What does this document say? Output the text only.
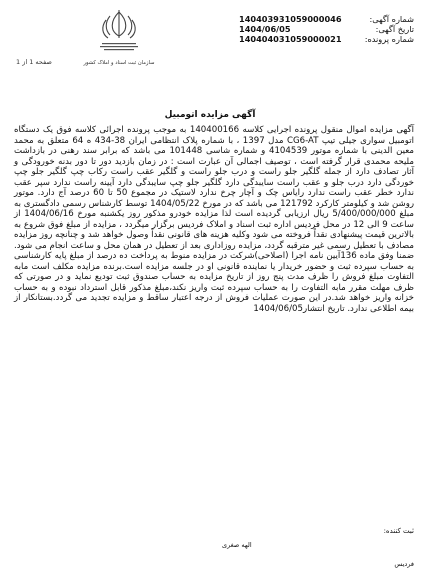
شماره آگهی:
140403931059000046
تاریخ آگهی:
1404/06/05
شماره پرونده:
140404031059000021
سازمان ثبت اسناد و املاک کشور
صفحه 1 از 1
آگهی مزایده اتومبیل

آگهی مزایده اموال منقول پرونده اجرایی کلاسه 140400166 به موجب پرونده اجرائی کلاسه فوق یک دستگاه اتومبیل سواری جیلی تیپ CG6-AT مدل 1397 ، با شماره پلاک انتظامی ایران 38-434 ه 64 متعلق به محمد معین الدینی با شماره موتور 4104539 و شماره شاسی 101448 می باشد که برابر سند رهنی در بازداشت ملیحه محمدی قرار گرفته است ، توصیف اجمالی آن عبارت است : در زمان بازدید دور تا دور بدنه خورودگی و آثار تصادف دارد از جمله گلگیر جلو راست و درب جلو راست و گلگیر عقب راست رکاب چپ گلگیر جلو چپ خوردگی دارد درب جلو و عقب راست سایبدگی دارد گلگیر جلو چپ سایبدگی دارد آیینه راست ندارد سپر عقب ندارد خطر عقب راست ندارد رایاس چک و آچار چرخ ندارد لاستیک در مجموع 50 تا 60 درصد آج دارد. موتور روشن شد و کیلومتر کارکرد 121792 می باشد که در مورخ 1404/05/22 توسط کارشناس رسمی دادگستری به مبلغ 5/400/000/000 ریال ارزیابی گردیده است لذا مزایده خودرو مذکور روز یکشنبه مورخ 1404/06/16 از ساعت 9 الی 12 در محل فردیس اداره ثبت اسناد و املاک فردیس برگزار میگردد ، مزایده از مبلغ فوق شروع به بالاترین قیمت پیشنهادی نقداً فروخته می شود وکلیه هزینه های قانونی نقداً وصول خواهد شد و چنانچه روز مزایده مصادف با تعطیل رسمی غیر مترقبه گردد، مزایده روزاداری بعد از تعطیل در همان محل و ساعت انجام می شود. ضمنا وفق ماده 136آیین نامه اجرا (اصلاحی)شرکت در مزایده منوط به پرداخت ده درصد از مبلغ پایه کارشناسی به حساب سپرده ثبت و حضور خریدار یا نماینده قانونی او در جلسه مزایده است.برنده مزایده مکلف است مابه التفاوت مبلغ فروش را ظرف مدت پنج روز از تاریخ مزایده به حساب صندوق ثبت تودیع نماید و در صورتی که ظرف مهلت مقرر مابه التفاوت را به حساب سپرده ثبت واریز نکند،مبلغ مذکور قابل استرداد نبوده و به حساب خزانه واریز خواهد شد.در این صورت عملیات فروش از درجه اعتبار ساقط و مزایده تجدید می گردد.بستانکار از بیمه اطلاعی ندارد. تاریخ انتشار1404/06/05

ثبت کننده:
الهه صغری
فردیس
